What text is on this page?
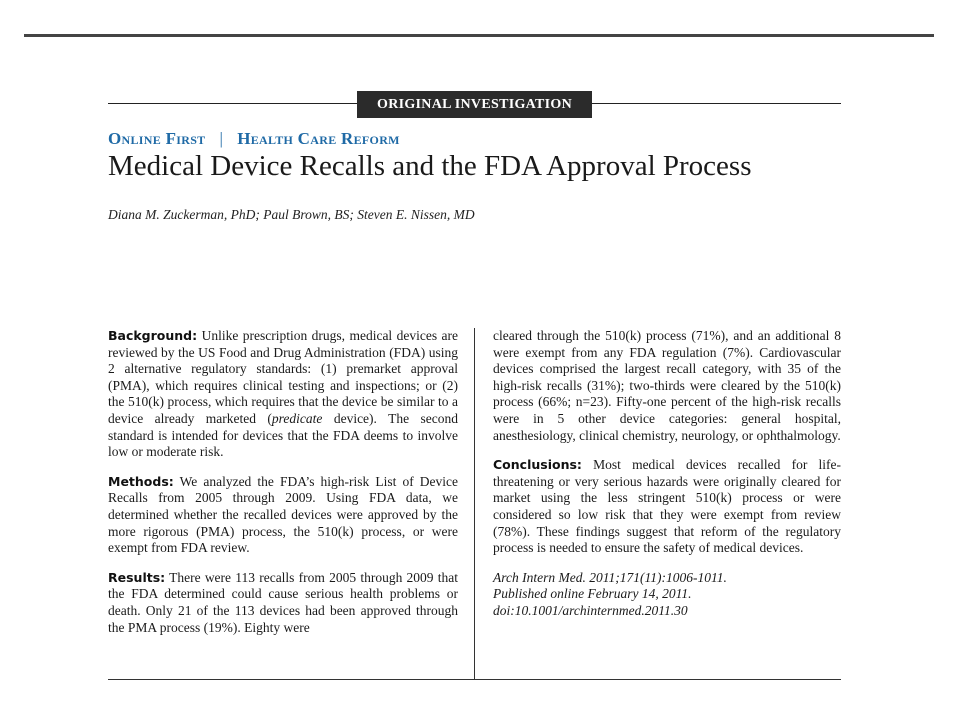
ORIGINAL INVESTIGATION
Online First | Health Care Reform
Medical Device Recalls and the FDA Approval Process
Diana M. Zuckerman, PhD; Paul Brown, BS; Steven E. Nissen, MD

Background: Unlike prescription drugs, medical devices are reviewed by the US Food and Drug Administration (FDA) using 2 alternative regulatory standards: (1) premarket approval (PMA), which requires clinical testing and inspections; or (2) the 510(k) process, which requires that the device be similar to a device already marketed (predicate device). The second standard is intended for devices that the FDA deems to involve low or moderate risk.

Methods: We analyzed the FDA’s high-risk List of Device Recalls from 2005 through 2009. Using FDA data, we determined whether the recalled devices were approved by the more rigorous (PMA) process, the 510(k) process, or were exempt from FDA review.

Results: There were 113 recalls from 2005 through 2009 that the FDA determined could cause serious health problems or death. Only 21 of the 113 devices had been approved through the PMA process (19%). Eighty were

cleared through the 510(k) process (71%), and an additional 8 were exempt from any FDA regulation (7%). Cardiovascular devices comprised the largest recall category, with 35 of the high-risk recalls (31%); two-thirds were cleared by the 510(k) process (66%; n=23). Fifty-one percent of the high-risk recalls were in 5 other device categories: general hospital, anesthesiology, clinical chemistry, neurology, or ophthalmology.

Conclusions: Most medical devices recalled for life-threatening or very serious hazards were originally cleared for market using the less stringent 510(k) process or were considered so low risk that they were exempt from review (78%). These findings suggest that reform of the regulatory process is needed to ensure the safety of medical devices.

Arch Intern Med. 2011;171(11):1006-1011.
Published online February 14, 2011.
doi:10.1001/archinternmed.2011.30
